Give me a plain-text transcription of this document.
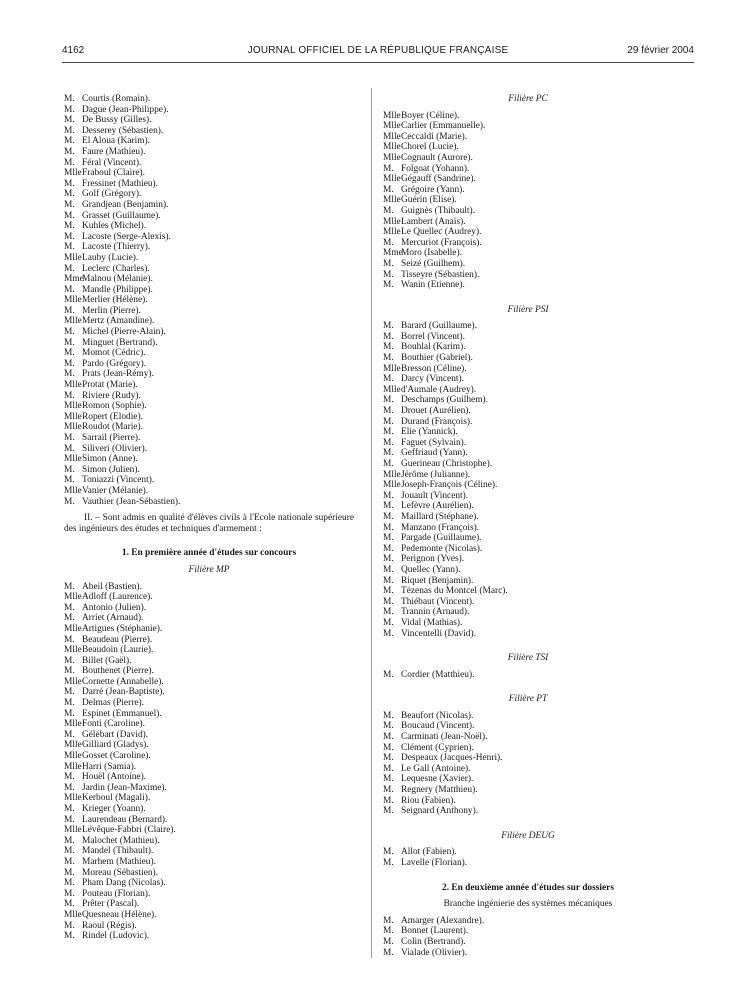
4162	JOURNAL OFFICIEL DE LA RÉPUBLIQUE FRANÇAISE	29 février 2004
M. Courtis (Romain).
M. Dague (Jean-Philippe).
M. De Bussy (Gilles).
M. Desserey (Sébastien).
M. El Aloua (Karim).
M. Faure (Mathieu).
M. Féral (Vincent).
MlleFraboul (Claire).
M. Fressinet (Mathieu).
M. Golf (Grégory).
M. Grandjean (Benjamin).
M. Grasset (Guillaume).
M. Kuhles (Michel).
M. Lacoste (Serge-Alexis).
M. Lacoste (Thierry).
MlleLauby (Lucie).
M. Leclerc (Charles).
MmeMalnou (Mélanie).
M. Mandle (Philippe).
MlleMerlier (Hélène).
M. Merlin (Pierre).
MlleMertz (Amandine).
M. Michel (Pierre-Alain).
M. Minguet (Bertrand).
M. Momot (Cédric).
M. Pardo (Grégory).
M. Prats (Jean-Rémy).
MlleProtat (Marie).
M. Riviere (Rudy).
MlleRomon (Sophie).
MlleRopert (Elodie).
MlleRoudot (Marie).
M. Sarrail (Pierre).
M. Siliveri (Olivier).
MlleSimon (Anne).
M. Simon (Julien).
M. Toniazzi (Vincent).
MlleVanier (Mélanie).
M. Vauthier (Jean-Sébastien).
II. – Sont admis en qualité d'élèves civils à l'Ecole nationale supérieure des ingénieurs des études et techniques d'armement :
1. En première année d'études sur concours
Filière MP
M. Abeil (Bastien).
MlleAdloff (Laurence).
M. Antonio (Julien).
M. Arriet (Arnaud).
MlleArtigues (Stéphanie).
M. Beaudeau (Pierre).
MlleBeaudoin (Laurie).
M. Billet (Gaël).
M. Bouthenet (Pierre).
MlleCornette (Annabelle).
M. Darré (Jean-Baptiste).
M. Delmas (Pierre).
M. Espinet (Emmanuel).
MlleFonti (Caroline).
M. Gélébart (David).
MlleGilliard (Gladys).
MlleGosset (Caroline).
MlleHarri (Samia).
M. Houël (Antoine).
M. Jardin (Jean-Maxime).
MlleKerboul (Magali).
M. Krieger (Yoann).
M. Laurendeau (Bernard).
MlleLévêque-Fabbri (Claire).
M. Malochet (Mathieu).
M. Mandel (Thibault).
M. Marhem (Mathieu).
M. Moreau (Sébastien).
M. Pham Dang (Nicolas).
M. Pouteau (Florian).
M. Prêter (Pascal).
MlleQuesneau (Hélène).
M. Raoul (Régis).
M. Rindel (Ludovic).
Filière PC
MlleBoyer (Céline).
MlleCarlier (Emmanuelle).
MlleCeccaldi (Marie).
MlleChorel (Lucie).
MlleCognault (Aurore).
M. Folgoat (Yohann).
MlleGégauff (Sandrine).
M. Grégoire (Yann).
MlleGuérin (Elise).
M. Guignès (Thibault).
MlleLambert (Anaïs).
MlleLe Quellec (Audrey).
M. Mercuriot (François).
MmeMoro (Isabelle).
M. Seizé (Guilhem).
M. Tisseyre (Sébastien).
M. Wanin (Etienne).
Filière PSI
M. Barard (Guillaume).
M. Borrel (Vincent).
M. Bouhlal (Karim).
M. Bouthier (Gabriel).
MlleBresson (Céline).
M. Darcy (Vincent).
Mlled'Aumale (Audrey).
M. Deschamps (Guilhem).
M. Drouet (Aurélien).
M. Durand (François).
M. Elie (Yannick).
M. Faguet (Sylvain).
M. Geffriaud (Yann).
M. Guerineau (Christophe).
MlleJérôme (Julianne).
MlleJoseph-François (Céline).
M. Jouault (Vincent).
M. Lefèvre (Aurélien).
M. Maillard (Stéphane).
M. Manzano (François).
M. Pargade (Guillaume).
M. Pedemonte (Nicolas).
M. Perignon (Yves).
M. Quellec (Yann).
M. Riquet (Benjamin).
M. Tézenas du Montcel (Marc).
M. Thiébaut (Vincent).
M. Trannin (Arnaud).
M. Vidal (Mathias).
M. Vincentelli (David).
Filière TSI
M. Cordier (Matthieu).
Filière PT
M. Beaufort (Nicolas).
M. Boucaud (Vincent).
M. Carminati (Jean-Noël).
M. Clément (Cyprien).
M. Despeaux (Jacques-Henri).
M. Le Gall (Antoine).
M. Lequesne (Xavier).
M. Regnery (Matthieu).
M. Riou (Fabien).
M. Seignard (Anthony).
Filière DEUG
M. Allot (Fabien).
M. Lavelle (Florian).
2. En deuxième année d'études sur dossiers
Branche ingénierie des systèmes mécaniques
M. Amarger (Alexandre).
M. Bonnet (Laurent).
M. Colin (Bertrand).
M. Vialade (Olivier).
